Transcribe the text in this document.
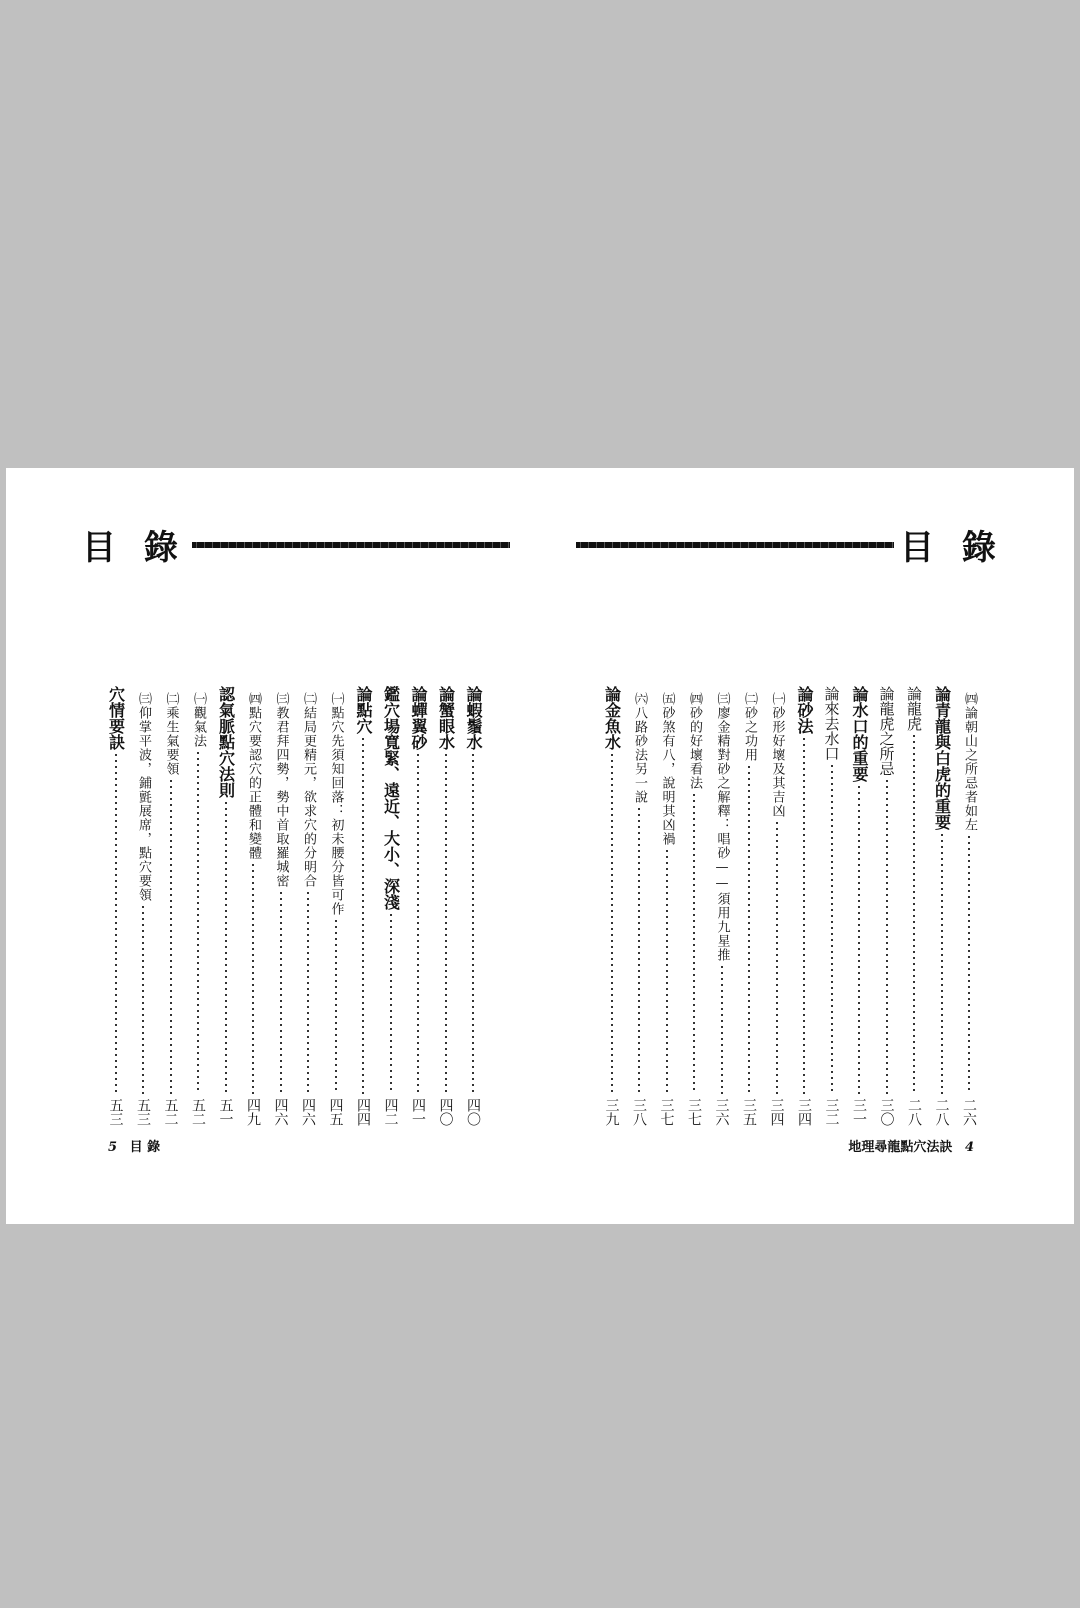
目 錄
論蝦鬚水
四〇
論蟹眼水
四〇
論蟬翼砂
四一
鑑穴場寬緊、遠近、大小、深淺
四二
論點穴
四四
㈠點穴先須知回落：初未腰分皆可作
四五
㈡結局更精元，欲求穴的分明合
四六
㈢教君拜四勢，勢中首取羅城密
四六
㈣點穴要認穴的正體和變體
四九
認氣脈點穴法則
五一
㈠觀氣法
五二
㈡乘生氣要領
五二
㈢仰掌平波，鋪氈展席，點穴要領
五三
穴情要訣
五三
5 目 錄
目 錄
㈣論朝山之所忌者如左
二六
論青龍與白虎的重要
二八
論龍虎
二八
論龍虎之所忌
三〇
論水口的重要
三一
論來去水口
三二
論砂法
三四
㈠砂形好壞及其吉凶
三四
㈡砂之功用
三五
㈢廖金精對砂之解釋：唱砂——須用九星推
三六
㈣砂的好壞看法
三七
㈤砂煞有八，說明其凶禍
三七
㈥八路砂法另一說
三八
論金魚水
三九
地理尋龍點穴法訣 4
